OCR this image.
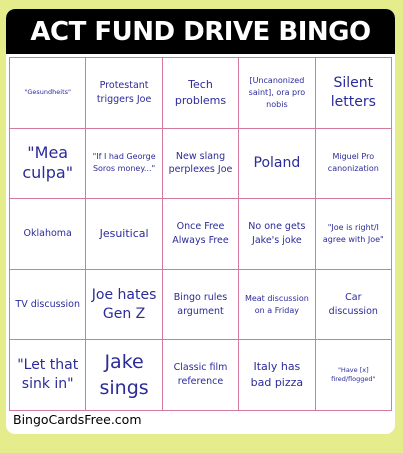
ACT FUND DRIVE BINGO
"Gesundheits"
Protestant triggers Joe
Tech problems
[Uncanonized saint], ora pro nobis
Silent letters
"Mea culpa"
"If I had George Soros money..."
New slang perplexes Joe	Poland	Miguel Pro canonization
Oklahoma	Jesuitical
Once Free Always Free
No one gets Jake's joke
"Joe is right/I agree with Joe"
TV discussion
Joe hates Gen Z
Bingo rules argument
Meat discussion on a Friday
Car discussion
"Let that sink in"
Jake sings
Classic film reference
Italy has bad pizza
"Have [x] fired/flogged"
BingoCardsFree.com
